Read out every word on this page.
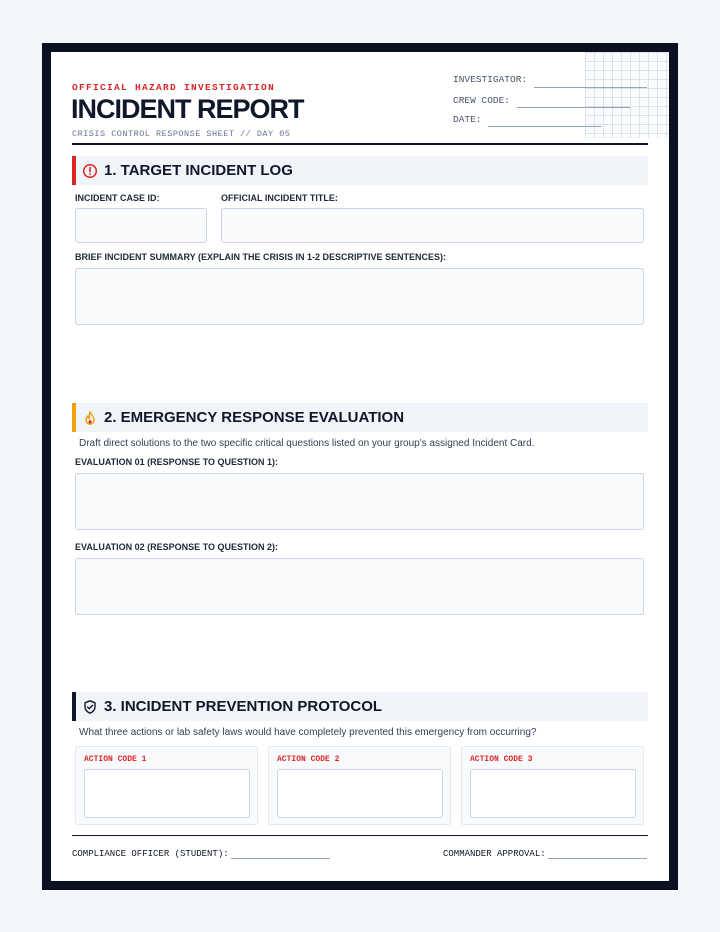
OFFICIAL HAZARD INVESTIGATION
INCIDENT REPORT
CRISIS CONTROL RESPONSE SHEET // DAY 05
INVESTIGATOR:
CREW CODE:
DATE:
1. TARGET INCIDENT LOG
INCIDENT CASE ID:	OFFICIAL INCIDENT TITLE:
BRIEF INCIDENT SUMMARY (EXPLAIN THE CRISIS IN 1-2 DESCRIPTIVE SENTENCES):
2. EMERGENCY RESPONSE EVALUATION
Draft direct solutions to the two specific critical questions listed on your group's assigned Incident Card.
EVALUATION 01 (RESPONSE TO QUESTION 1):
EVALUATION 02 (RESPONSE TO QUESTION 2):
3. INCIDENT PREVENTION PROTOCOL
What three actions or lab safety laws would have completely prevented this emergency from occurring?
ACTION CODE 1	ACTION CODE 2	ACTION CODE 3
COMPLIANCE OFFICER (STUDENT):	COMMANDER APPROVAL:
